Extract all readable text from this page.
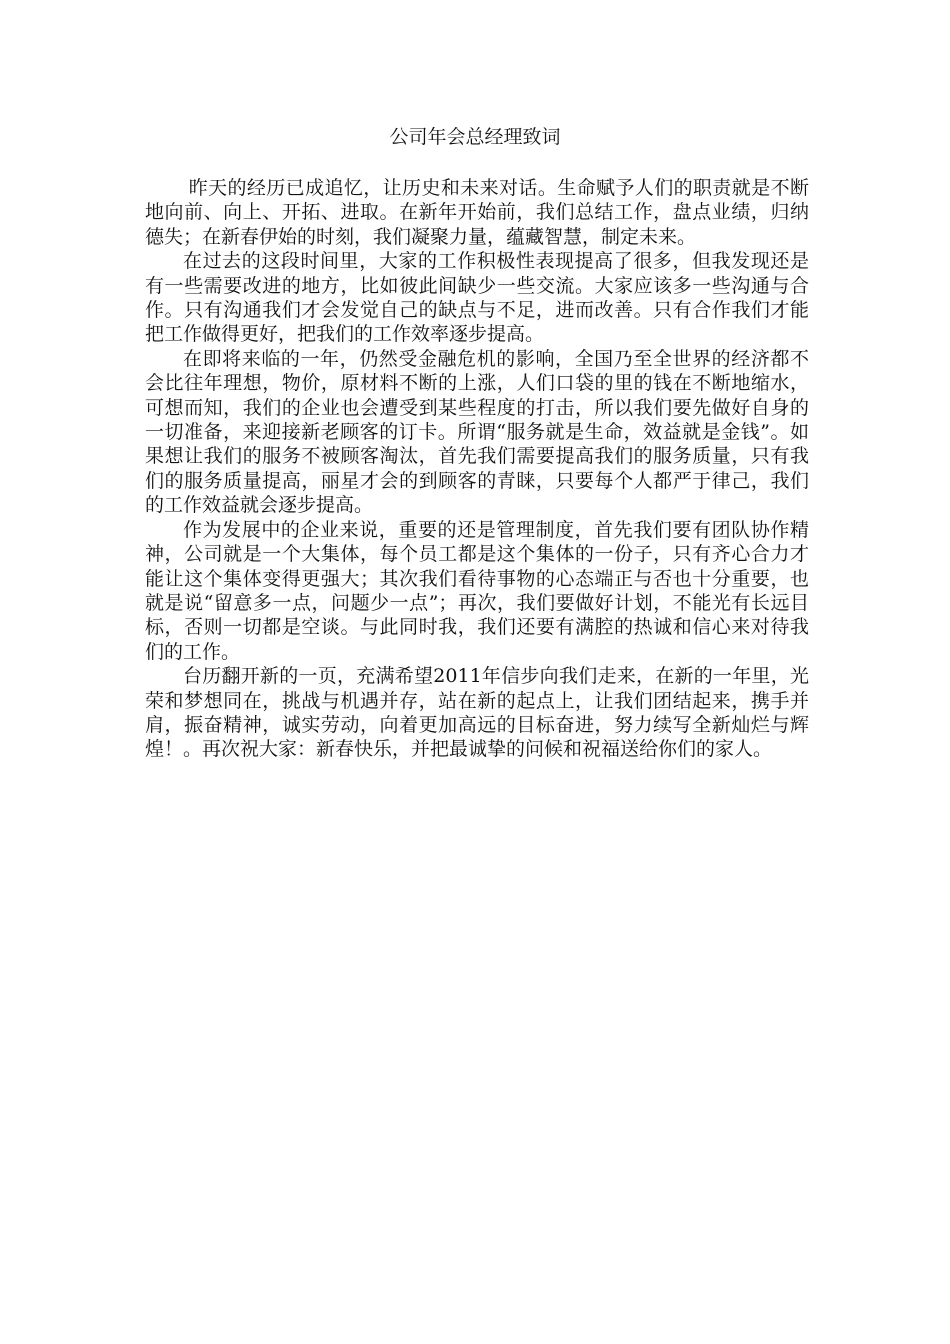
公司年会总经理致词

昨天的经历已成追忆，让历史和未来对话。生命赋予人们的职责就是不断地向前、向上、开拓、进取。在新年开始前，我们总结工作，盘点业绩，归纳德失；在新春伊始的时刻，我们凝聚力量，蕴藏智慧，制定未来。

在过去的这段时间里，大家的工作积极性表现提高了很多，但我发现还是有一些需要改进的地方，比如彼此间缺少一些交流。大家应该多一些沟通与合作。只有沟通我们才会发觉自己的缺点与不足，进而改善。只有合作我们才能把工作做得更好，把我们的工作效率逐步提高。

在即将来临的一年，仍然受金融危机的影响，全国乃至全世界的经济都不会比往年理想，物价，原材料不断的上涨，人们口袋的里的钱在不断地缩水，可想而知，我们的企业也会遭受到某些程度的打击，所以我们要先做好自身的一切准备，来迎接新老顾客的订卡。所谓“服务就是生命，效益就是金钱”。如果想让我们的服务不被顾客淘汰，首先我们需要提高我们的服务质量，只有我们的服务质量提高，丽星才会的到顾客的青睐，只要每个人都严于律己，我们的工作效益就会逐步提高。

作为发展中的企业来说，重要的还是管理制度，首先我们要有团队协作精神，公司就是一个大集体，每个员工都是这个集体的一份子，只有齐心合力才能让这个集体变得更强大；其次我们看待事物的心态端正与否也十分重要，也就是说“留意多一点，问题少一点”；再次，我们要做好计划，不能光有长远目标，否则一切都是空谈。与此同时我，我们还要有满腔的热诚和信心来对待我们的工作。

台历翻开新的一页，充满希望2011年信步向我们走来，在新的一年里，光荣和梦想同在，挑战与机遇并存，站在新的起点上，让我们团结起来，携手并肩，振奋精神，诚实劳动，向着更加高远的目标奋进，努力续写全新灿烂与辉煌！。再次祝大家：新春快乐，并把最诚挚的问候和祝福送给你们的家人。
